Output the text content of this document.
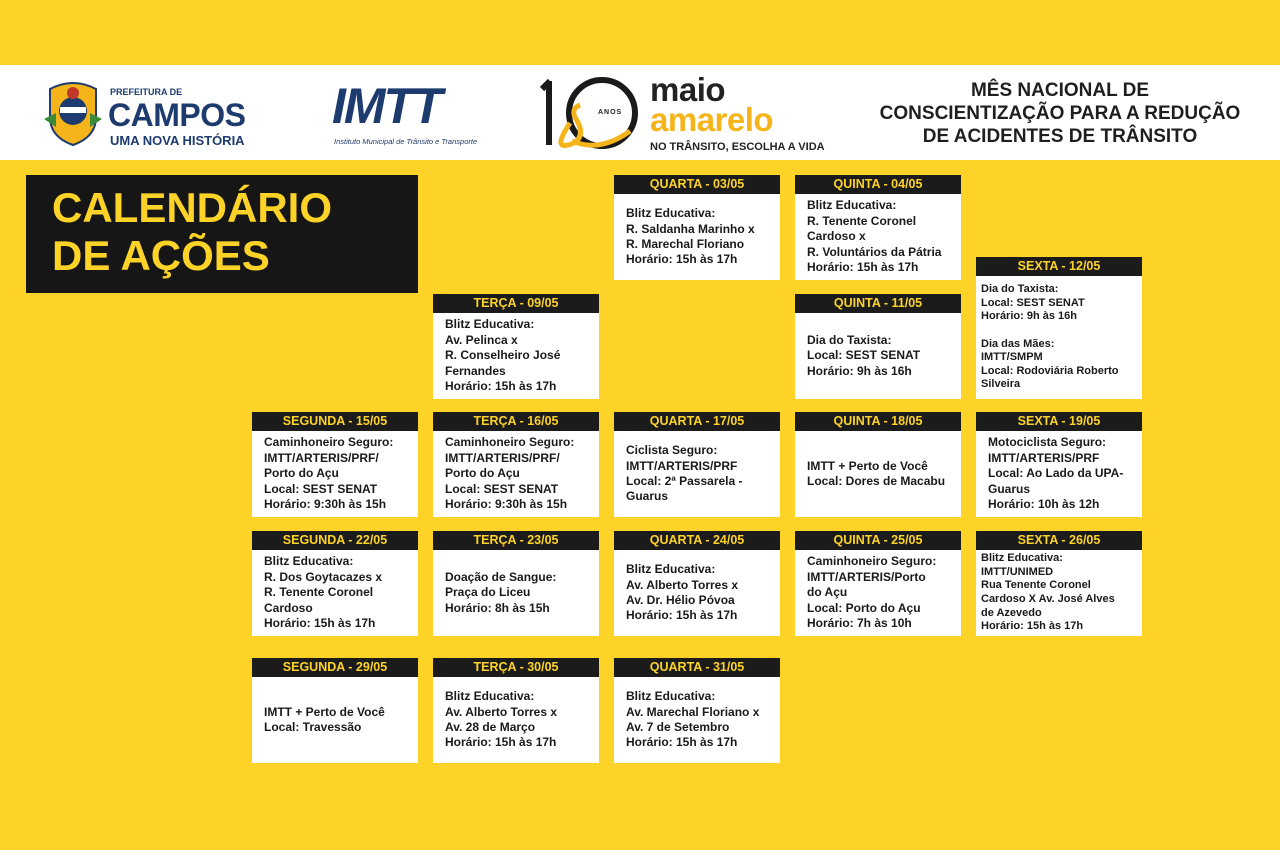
PREFEITURA DE
CAMPOS
UMA NOVA HISTÓRIA
IMTT
Instituto Municipal de Trânsito e Transporte
ANOS
maio
amarelo
NO TRÂNSITO, ESCOLHA A VIDA
MÊS NACIONAL DE
CONSCIENTIZAÇÃO PARA A REDUÇÃO
DE ACIDENTES DE TRÂNSITO
CALENDÁRIO
DE AÇÕES
QUARTA - 03/05
Blitz Educativa:
R. Saldanha Marinho x
R. Marechal Floriano
Horário: 15h às 17h
QUINTA - 04/05
Blitz Educativa:
R. Tenente Coronel
Cardoso x
R. Voluntários da Pátria
Horário: 15h às 17h
TERÇA - 09/05
Blitz Educativa:
Av. Pelinca x
R. Conselheiro José
Fernandes
Horário: 15h às 17h
QUINTA - 11/05
Dia do Taxista:
Local: SEST SENAT
Horário: 9h às 16h
SEXTA - 12/05
Dia do Taxista:
Local: SEST SENAT
Horário: 9h às 16h
Dia das Mães:
IMTT/SMPM
Local: Rodoviária Roberto
Silveira
SEGUNDA - 15/05
Caminhoneiro Seguro:
IMTT/ARTERIS/PRF/
Porto do Açu
Local: SEST SENAT
Horário: 9:30h às 15h
TERÇA - 16/05
Caminhoneiro Seguro:
IMTT/ARTERIS/PRF/
Porto do Açu
Local: SEST SENAT
Horário: 9:30h às 15h
QUARTA - 17/05
Ciclista Seguro:
IMTT/ARTERIS/PRF
Local: 2ª Passarela -
Guarus
QUINTA - 18/05
IMTT + Perto de Você
Local: Dores de Macabu
SEXTA - 19/05
Motociclista Seguro:
IMTT/ARTERIS/PRF
Local: Ao Lado da UPA-
Guarus
Horário: 10h às 12h
SEGUNDA - 22/05
Blitz Educativa:
R. Dos Goytacazes x
R. Tenente Coronel
Cardoso
Horário: 15h às 17h
TERÇA - 23/05
Doação de Sangue:
Praça do Liceu
Horário: 8h às 15h
QUARTA - 24/05
Blitz Educativa:
Av. Alberto Torres x
Av. Dr. Hélio Póvoa
Horário: 15h às 17h
QUINTA - 25/05
Caminhoneiro Seguro:
IMTT/ARTERIS/Porto
do Açu
Local: Porto do Açu
Horário: 7h às 10h
SEXTA - 26/05
Blitz Educativa:
IMTT/UNIMED
Rua Tenente Coronel
Cardoso X Av. José Alves
de Azevedo
Horário: 15h às 17h
SEGUNDA - 29/05
IMTT + Perto de Você
Local: Travessão
TERÇA - 30/05
Blitz Educativa:
Av. Alberto Torres x
Av. 28 de Março
Horário: 15h às 17h
QUARTA - 31/05
Blitz Educativa:
Av. Marechal Floriano x
Av. 7 de Setembro
Horário: 15h às 17h
